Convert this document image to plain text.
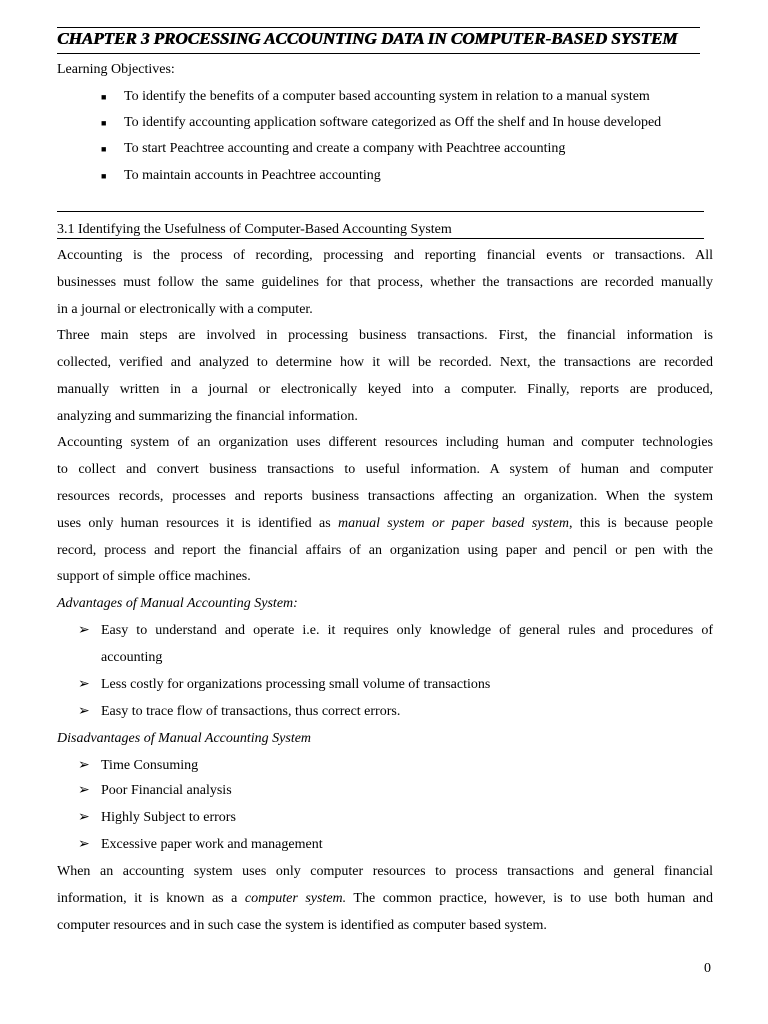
CHAPTER 3 PROCESSING ACCOUNTING DATA IN COMPUTER-BASED SYSTEM
Learning Objectives:
■ To identify the benefits of a computer based accounting system in relation to a manual system
■ To identify accounting application software categorized as Off the shelf and In house developed
■ To start Peachtree accounting and create a company with Peachtree accounting
■ To maintain accounts in Peachtree accounting
3.1 Identifying the Usefulness of Computer-Based Accounting System
Accounting is the process of recording, processing and reporting financial events or transactions. All
businesses must follow the same guidelines for that process, whether the transactions are recorded manually
in a journal or electronically with a computer.
Three main steps are involved in processing business transactions. First, the financial information is
collected, verified and analyzed to determine how it will be recorded. Next, the transactions are recorded
manually written in a journal or electronically keyed into a computer. Finally, reports are produced,
analyzing and summarizing the financial information.
Accounting system of an organization uses different resources including human and computer technologies
to collect and convert business transactions to useful information. A system of human and computer
resources records, processes and reports business transactions affecting an organization. When the system
uses only human resources it is identified as manual system or paper based system, this is because people
record, process and report the financial affairs of an organization using paper and pencil or pen with the
support of simple office machines.
Advantages of Manual Accounting System:
➢ Easy to understand and operate i.e. it requires only knowledge of general rules and procedures of
accounting
➢ Less costly for organizations processing small volume of transactions
➢ Easy to trace flow of transactions, thus correct errors.
Disadvantages of Manual Accounting System
➢ Time Consuming
➢ Poor Financial analysis
➢ Highly Subject to errors
➢ Excessive paper work and management
When an accounting system uses only computer resources to process transactions and general financial
information, it is known as a computer system. The common practice, however, is to use both human and
computer resources and in such case the system is identified as computer based system.
0
